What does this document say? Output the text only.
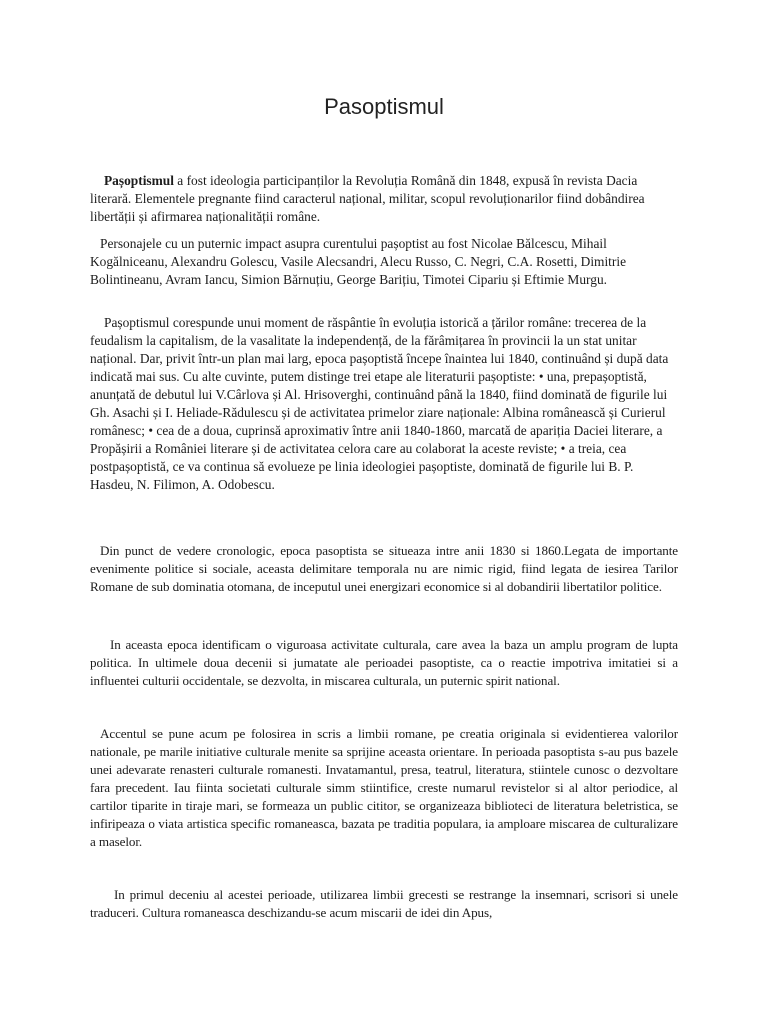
Pasoptismul

Pașoptismul a fost ideologia participanților la Revoluția Română din 1848, expusă în revista Dacia literară. Elementele pregnante fiind caracterul național, militar, scopul revoluționarilor fiind dobândirea libertății și afirmarea naționalității române.

Personajele cu un puternic impact asupra curentului pașoptist au fost Nicolae Bălcescu, Mihail Kogălniceanu, Alexandru Golescu, Vasile Alecsandri, Alecu Russo, C. Negri, C.A. Rosetti, Dimitrie Bolintineanu, Avram Iancu, Simion Bărnuțiu, George Barițiu, Timotei Cipariu și Eftimie Murgu.

Pașoptismul corespunde unui moment de răspântie în evoluția istorică a țărilor române: trecerea de la feudalism la capitalism, de la vasalitate la independență, de la fărâmițarea în provincii la un stat unitar național. Dar, privit într-un plan mai larg, epoca pașoptistă începe înaintea lui 1840, continuând și după data indicată mai sus. Cu alte cuvinte, putem distinge trei etape ale literaturii pașoptiste: • una, prepașoptistă, anunțată de debutul lui V.Cârlova și Al. Hrisoverghi, continuând până la 1840, fiind dominată de figurile lui Gh. Asachi și I. Heliade-Rădulescu și de activitatea primelor ziare naționale: Albina românească și Curierul românesc; • cea de a doua, cuprinsă aproximativ între anii 1840-1860, marcată de apariția Daciei literare, a Propășirii a României literare și de activitatea celora care au colaborat la aceste reviste; • a treia, cea postpașoptistă, ce va continua să evolueze pe linia ideologiei pașoptiste, dominată de figurile lui B. P. Hasdeu, N. Filimon, A. Odobescu.

Din punct de vedere cronologic, epoca pasoptista se situeaza intre anii 1830 si 1860.Legata de importante evenimente politice si sociale, aceasta delimitare temporala nu are nimic rigid, fiind legata de iesirea Tarilor Romane de sub dominatia otomana, de inceputul unei energizari economice si al dobandirii libertatilor politice.

In aceasta epoca identificam o viguroasa activitate culturala, care avea la baza un amplu program de lupta politica. In ultimele doua decenii si jumatate ale perioadei pasoptiste, ca o reactie impotriva imitatiei si a influentei culturii occidentale, se dezvolta, in miscarea culturala, un puternic spirit national.

Accentul se pune acum pe folosirea in scris a limbii romane, pe creatia originala si evidentierea valorilor nationale, pe marile initiative culturale menite sa sprijine aceasta orientare. In perioada pasoptista s-au pus bazele unei adevarate renasteri culturale romanesti. Invatamantul, presa, teatrul, literatura, stiintele cunosc o dezvoltare fara precedent. Iau fiinta societati culturale simm stiintifice, creste numarul revistelor si al altor periodice, al cartilor tiparite in tiraje mari, se formeaza un public cititor, se organizeaza biblioteci de literatura beletristica, se infiripeaza o viata artistica specific romaneasca, bazata pe traditia populara, ia amploare miscarea de culturalizare a maselor.

In primul deceniu al acestei perioade, utilizarea limbii grecesti se restrange la insemnari, scrisori si unele traduceri. Cultura romaneasca deschizandu-se acum miscarii de idei din Apus,
